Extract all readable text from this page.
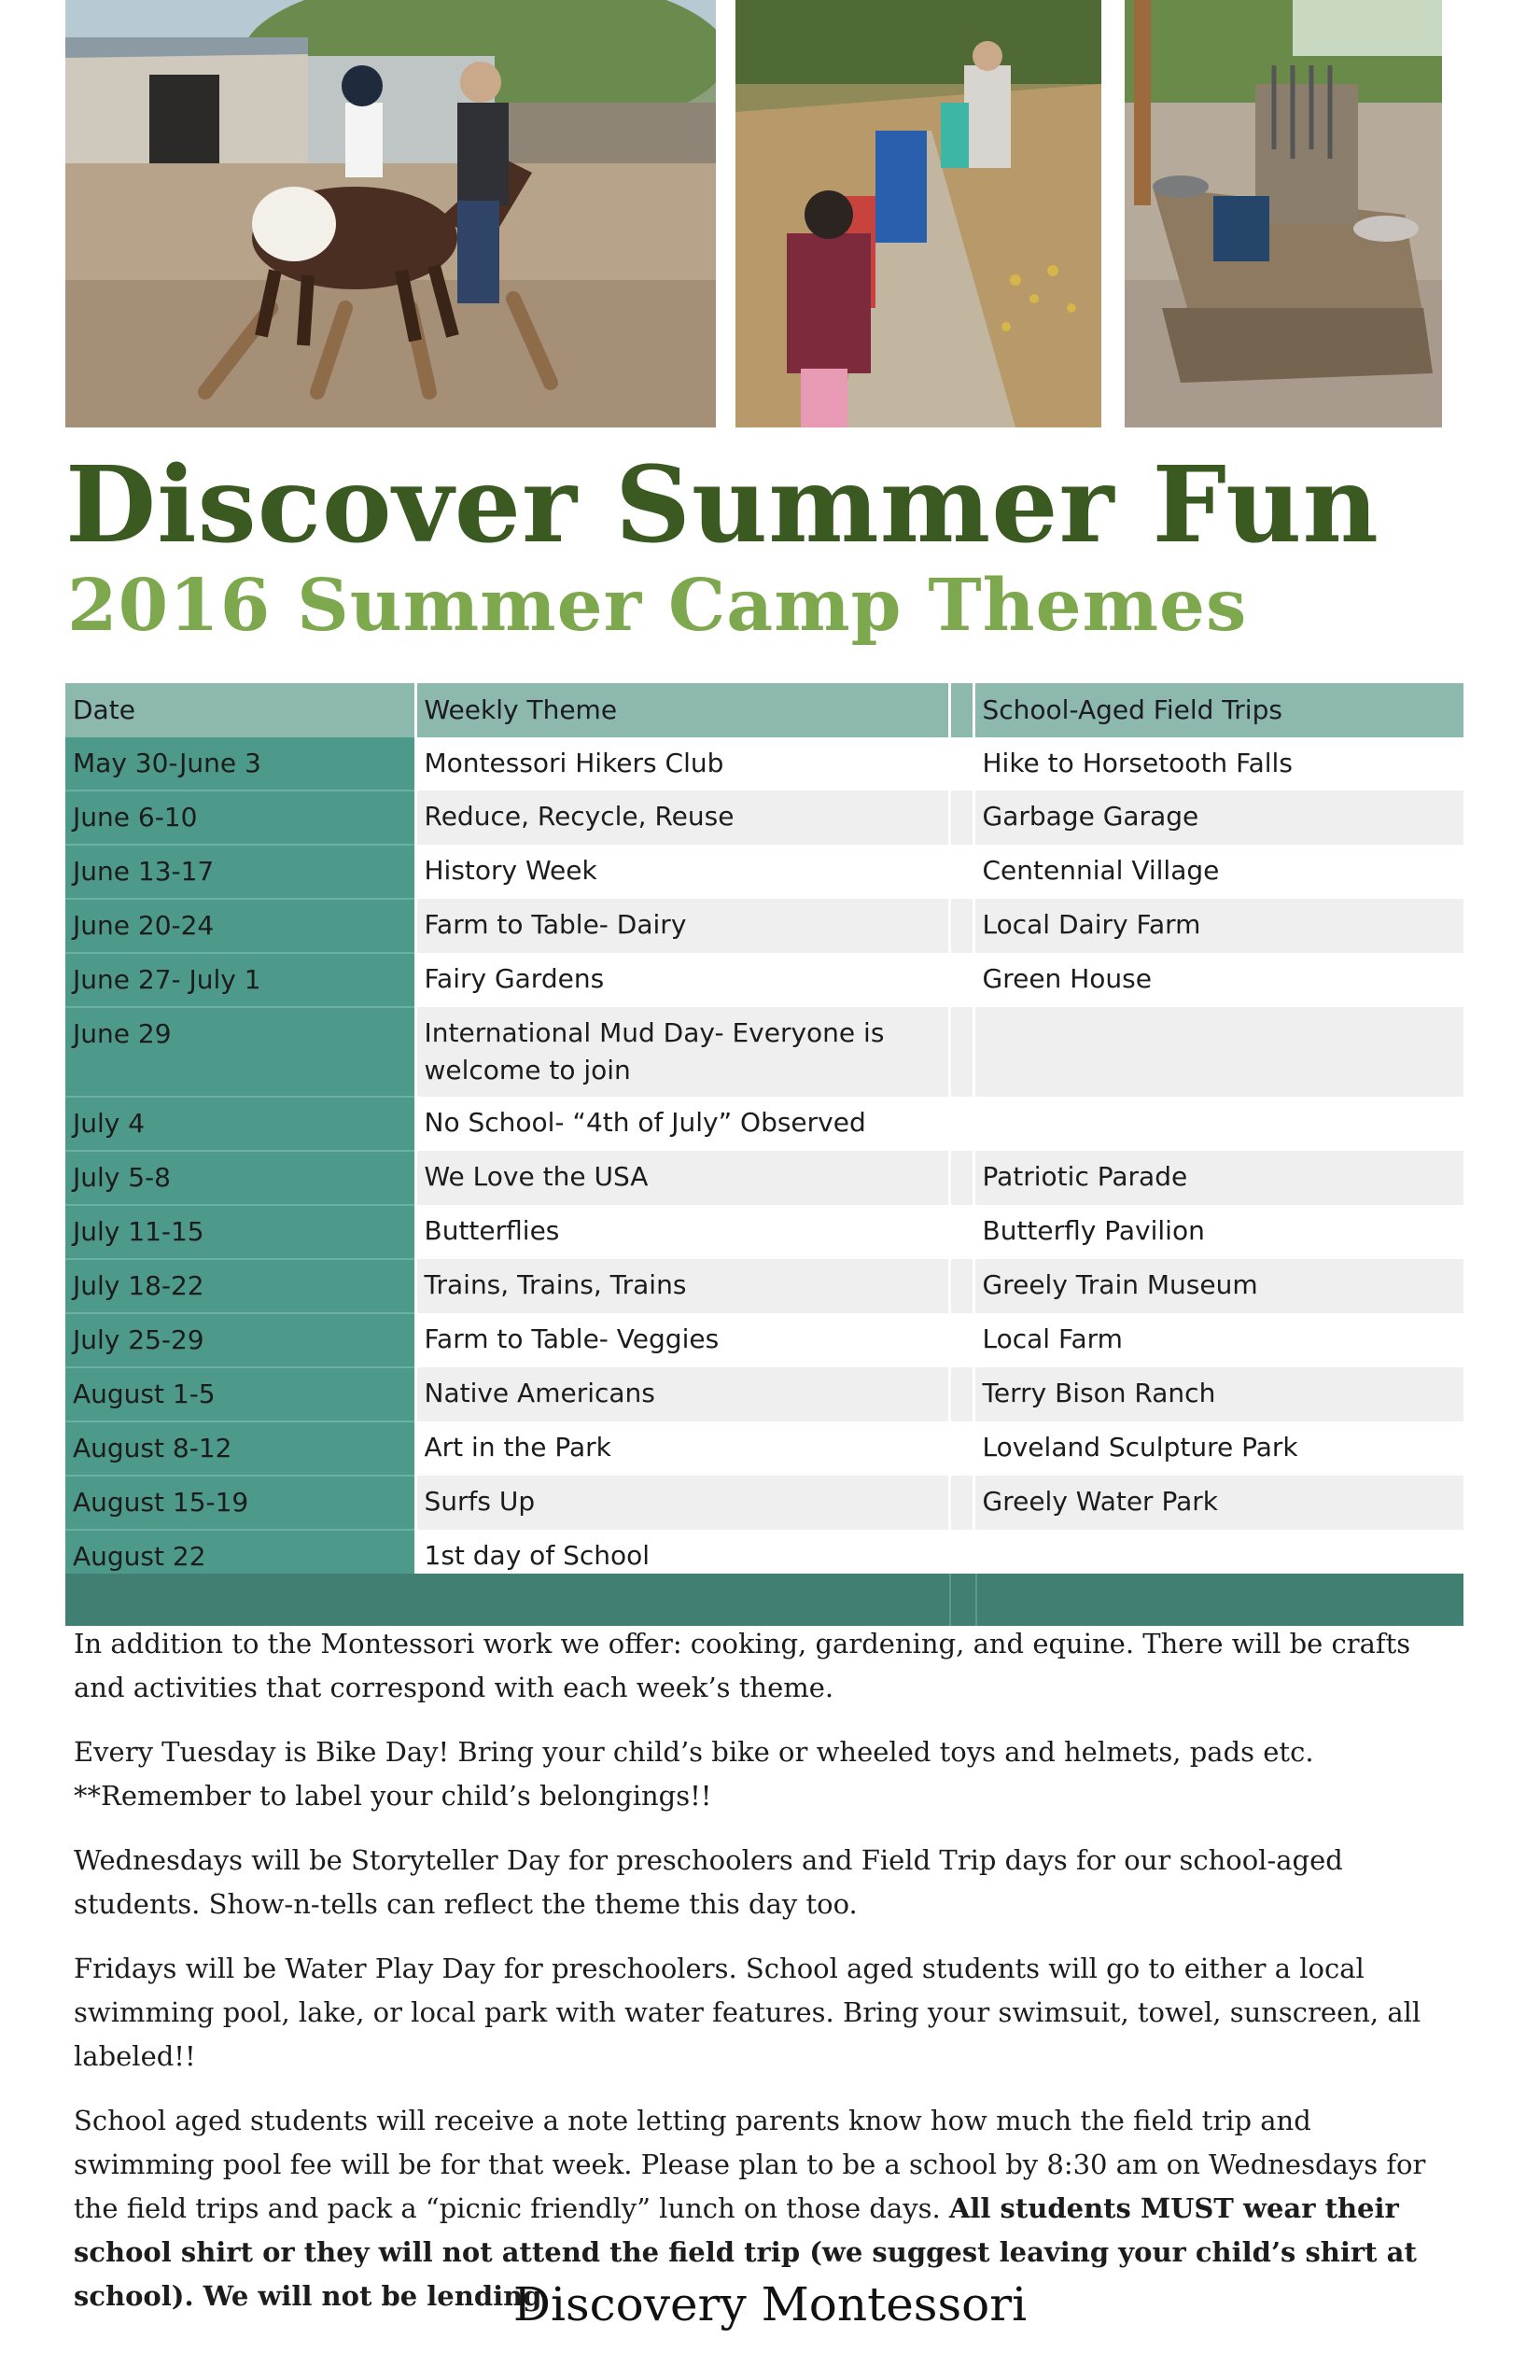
Discover Summer Fun
2016 Summer Camp Themes
Date	Weekly Theme		School-Aged Field Trips
May 30-June 3	Montessori Hikers Club		Hike to Horsetooth Falls
June 6-10	Reduce, Recycle, Reuse		Garbage Garage
June 13-17	History Week		Centennial Village
June 20-24	Farm to Table- Dairy		Local Dairy Farm
June 27- July 1	Fairy Gardens		Green House
June 29	International Mud Day- Everyone is welcome to join		
July 4	No School- “4th of July” Observed		
July 5-8	We Love the USA		Patriotic Parade
July 11-15	Butterflies		Butterfly Pavilion
July 18-22	Trains, Trains, Trains		Greely Train Museum
July 25-29	Farm to Table- Veggies		Local Farm
August 1-5	Native Americans		Terry Bison Ranch
August 8-12	Art in the Park		Loveland Sculpture Park
August 15-19	Surfs Up		Greely Water Park
August 22	1st day of School		

In addition to the Montessori work we offer: cooking, gardening, and equine. There will be crafts and activities that correspond with each week’s theme.

Every Tuesday is Bike Day! Bring your child’s bike or wheeled toys and helmets, pads etc. **Remember to label your child’s belongings!!

Wednesdays will be Storyteller Day for preschoolers and Field Trip days for our school-aged students. Show-n-tells can reflect the theme this day too.

Fridays will be Water Play Day for preschoolers. School aged students will go to either a local swimming pool, lake, or local park with water features. Bring your swimsuit, towel, sunscreen, all labeled!!

School aged students will receive a note letting parents know how much the field trip and swimming pool fee will be for that week. Please plan to be a school by 8:30 am on Wednesdays for the field trips and pack a “picnic friendly” lunch on those days. All students MUST wear their school shirt or they will not attend the field trip (we suggest leaving your child’s shirt at school). We will not be lending

Discovery Montessori
